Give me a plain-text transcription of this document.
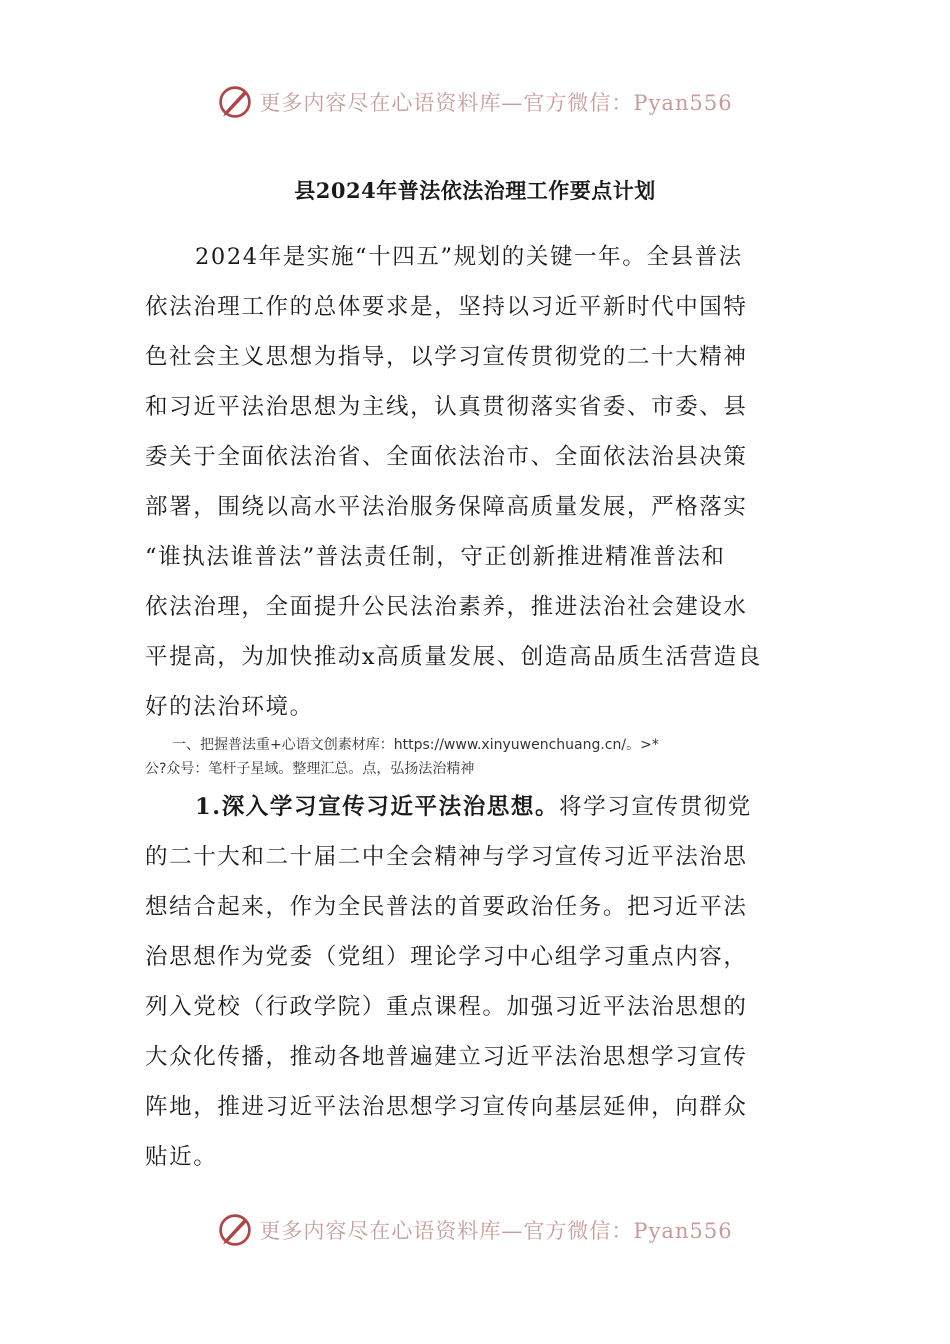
更多内容尽在心语资料库—官方微信：Pyan556
县2024年普法依法治理工作要点计划
2024年是实施“十四五”规划的关键一年。全县普法
依法治理工作的总体要求是，坚持以习近平新时代中国特
色社会主义思想为指导，以学习宣传贯彻党的二十大精神
和习近平法治思想为主线，认真贯彻落实省委、市委、县
委关于全面依法治省、全面依法治市、全面依法治县决策
部署，围绕以高水平法治服务保障高质量发展，严格落实
“谁执法谁普法”普法责任制，守正创新推进精准普法和
依法治理，全面提升公民法治素养，推进法治社会建设水
平提高，为加快推动x高质量发展、创造高品质生活营造良
好的法治环境。
一、把握普法重+心语文创素材库：https://www.xinyuwenchuang.cn/。>*
公?众号：笔杆子星域。整理汇总。点，弘扬法治精神
1.深入学习宣传习近平法治思想。将学习宣传贯彻党
的二十大和二十届二中全会精神与学习宣传习近平法治思
想结合起来，作为全民普法的首要政治任务。把习近平法
治思想作为党委（党组）理论学习中心组学习重点内容，
列入党校（行政学院）重点课程。加强习近平法治思想的
大众化传播，推动各地普遍建立习近平法治思想学习宣传
阵地，推进习近平法治思想学习宣传向基层延伸，向群众
贴近。
更多内容尽在心语资料库—官方微信：Pyan556
